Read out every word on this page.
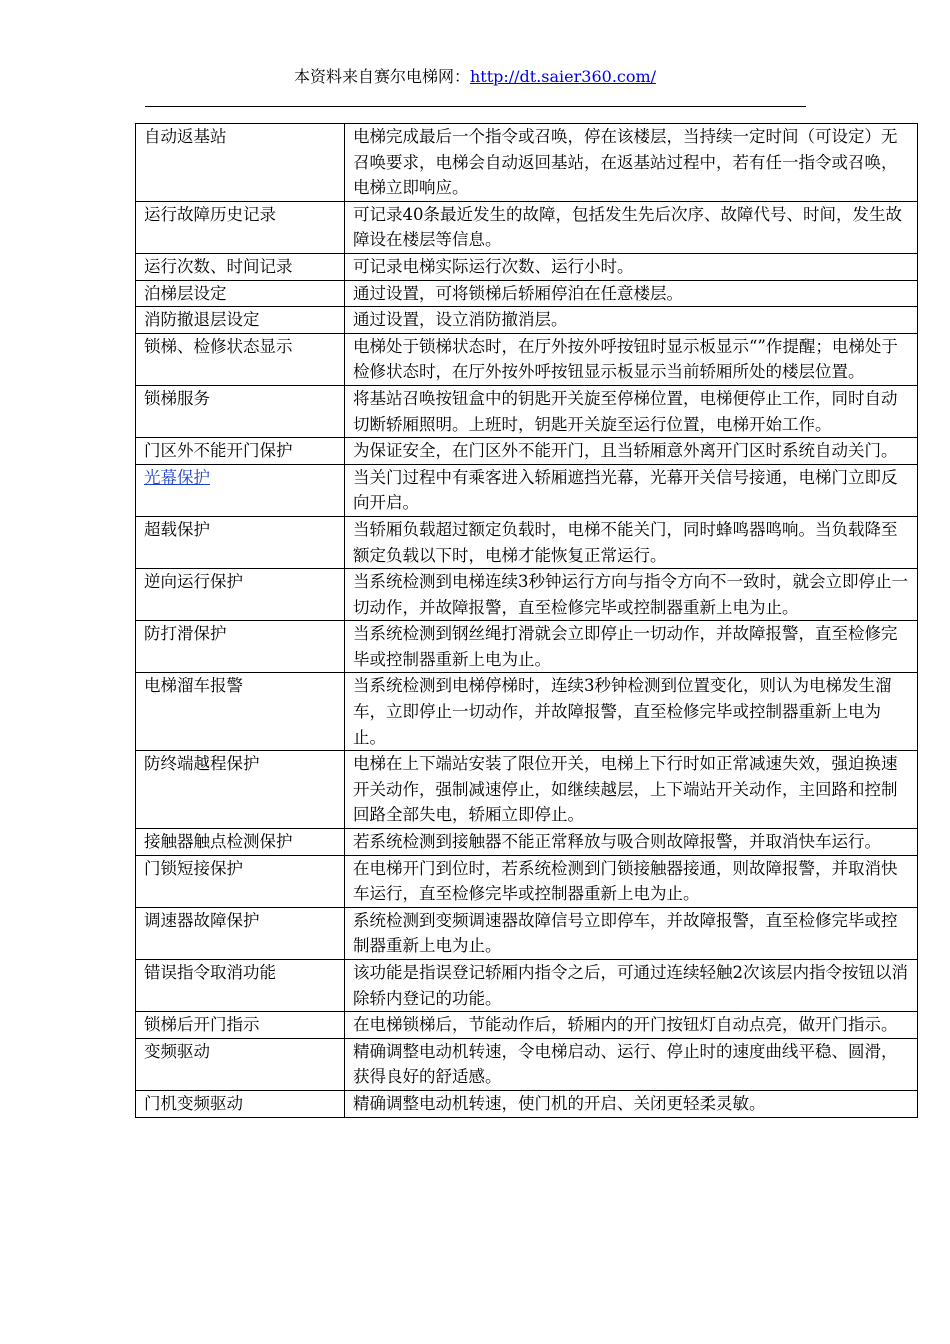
本资料来自赛尔电梯网：http://dt.saier360.com/
自动返基站	电梯完成最后一个指令或召唤，停在该楼层，当持续一定时间（可设定）无召唤要求，电梯会自动返回基站，在返基站过程中，若有任一指令或召唤，电梯立即响应。
运行故障历史记录	可记录40条最近发生的故障，包括发生先后次序、故障代号、时间，发生故障设在楼层等信息。
运行次数、时间记录	可记录电梯实际运行次数、运行小时。
泊梯层设定	通过设置，可将锁梯后轿厢停泊在任意楼层。
消防撤退层设定	通过设置，设立消防撤消层。
锁梯、检修状态显示	电梯处于锁梯状态时，在厅外按外呼按钮时显示板显示“”作提醒；电梯处于检修状态时，在厅外按外呼按钮显示板显示当前轿厢所处的楼层位置。
锁梯服务	将基站召唤按钮盒中的钥匙开关旋至停梯位置，电梯便停止工作，同时自动切断轿厢照明。上班时，钥匙开关旋至运行位置，电梯开始工作。
门区外不能开门保护	为保证安全，在门区外不能开门，且当轿厢意外离开门区时系统自动关门。
光幕保护	当关门过程中有乘客进入轿厢遮挡光幕，光幕开关信号接通，电梯门立即反向开启。
超载保护	当轿厢负载超过额定负载时，电梯不能关门，同时蜂鸣器鸣响。当负载降至额定负载以下时，电梯才能恢复正常运行。
逆向运行保护	当系统检测到电梯连续3秒钟运行方向与指令方向不一致时，就会立即停止一切动作，并故障报警，直至检修完毕或控制器重新上电为止。
防打滑保护	当系统检测到钢丝绳打滑就会立即停止一切动作，并故障报警，直至检修完毕或控制器重新上电为止。
电梯溜车报警	当系统检测到电梯停梯时，连续3秒钟检测到位置变化，则认为电梯发生溜车，立即停止一切动作，并故障报警，直至检修完毕或控制器重新上电为止。
防终端越程保护	电梯在上下端站安装了限位开关，电梯上下行时如正常减速失效，强迫换速开关动作，强制减速停止，如继续越层，上下端站开关动作，主回路和控制回路全部失电，轿厢立即停止。
接触器触点检测保护	若系统检测到接触器不能正常释放与吸合则故障报警，并取消快车运行。
门锁短接保护	在电梯开门到位时，若系统检测到门锁接触器接通，则故障报警，并取消快车运行，直至检修完毕或控制器重新上电为止。
调速器故障保护	系统检测到变频调速器故障信号立即停车，并故障报警，直至检修完毕或控制器重新上电为止。
错误指令取消功能	该功能是指误登记轿厢内指令之后，可通过连续轻触2次该层内指令按钮以消除轿内登记的功能。
锁梯后开门指示	在电梯锁梯后，节能动作后，轿厢内的开门按钮灯自动点亮，做开门指示。
变频驱动	精确调整电动机转速，令电梯启动、运行、停止时的速度曲线平稳、圆滑，获得良好的舒适感。
门机变频驱动	精确调整电动机转速，使门机的开启、关闭更轻柔灵敏。
